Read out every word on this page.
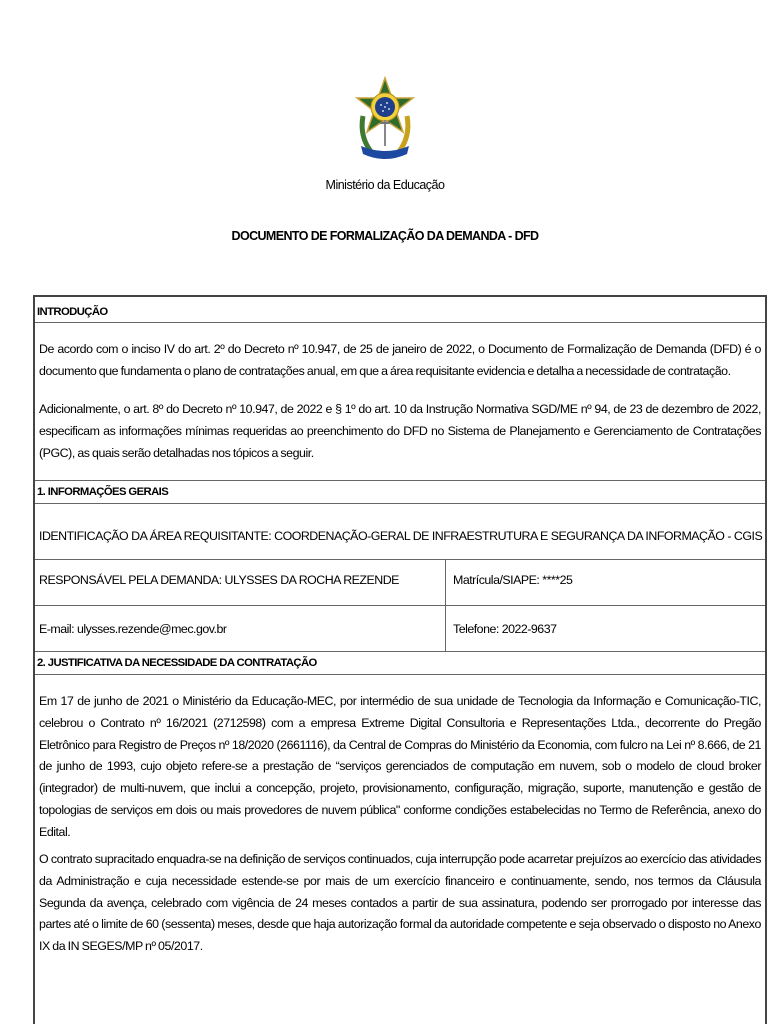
Ministério da Educação
DOCUMENTO DE FORMALIZAÇÃO DA DEMANDA - DFD
INTRODUÇÃO

De acordo com o inciso IV do art. 2º do Decreto nº 10.947, de 25 de janeiro de 2022, o Documento de Formalização de Demanda (DFD) é o documento que fundamenta o plano de contratações anual, em que a área requisitante evidencia e detalha a necessidade de contratação.

Adicionalmente, o art. 8º do Decreto nº 10.947, de 2022 e § 1º do art. 10 da Instrução Normativa SGD/ME nº 94, de 23 de dezembro de 2022, especificam as informações mínimas requeridas ao preenchimento do DFD no Sistema de Planejamento e Gerenciamento de Contratações (PGC), as quais serão detalhadas nos tópicos a seguir.

1. INFORMAÇÕES GERAIS
IDENTIFICAÇÃO DA ÁREA REQUISITANTE: COORDENAÇÃO-GERAL DE INFRAESTRUTURA E SEGURANÇA DA INFORMAÇÃO - CGIS
RESPONSÁVEL PELA DEMANDA: ULYSSES DA ROCHA REZENDE	Matrícula/SIAPE: ****25
E-mail: ulysses.rezende@mec.gov.br	Telefone: 2022-9637
2. JUSTIFICATIVA DA NECESSIDADE DA CONTRATAÇÃO

Em 17 de junho de 2021 o Ministério da Educação-MEC, por intermédio de sua unidade de Tecnologia da Informação e Comunicação-TIC, celebrou o Contrato nº 16/2021 (2712598) com a empresa Extreme Digital Consultoria e Representações Ltda., decorrente do Pregão Eletrônico para Registro de Preços nº 18/2020 (2661116), da Central de Compras do Ministério da Economia, com fulcro na Lei nº 8.666, de 21 de junho de 1993, cujo objeto refere-se a prestação de “serviços gerenciados de computação em nuvem, sob o modelo de cloud broker (integrador) de multi-nuvem, que inclui a concepção, projeto, provisionamento, configuração, migração, suporte, manutenção e gestão de topologias de serviços em dois ou mais provedores de nuvem pública" conforme condições estabelecidas no Termo de Referência, anexo do Edital.

O contrato supracitado enquadra-se na definição de serviços continuados, cuja interrupção pode acarretar prejuízos ao exercício das atividades da Administração e cuja necessidade estende-se por mais de um exercício financeiro e continuamente, sendo, nos termos da Cláusula Segunda da avença, celebrado com vigência de 24 meses contados a partir de sua assinatura, podendo ser prorrogado por interesse das partes até o limite de 60 (sessenta) meses, desde que haja autorização formal da autoridade competente e seja observado o disposto no Anexo IX da IN SEGES/MP nº 05/2017.
